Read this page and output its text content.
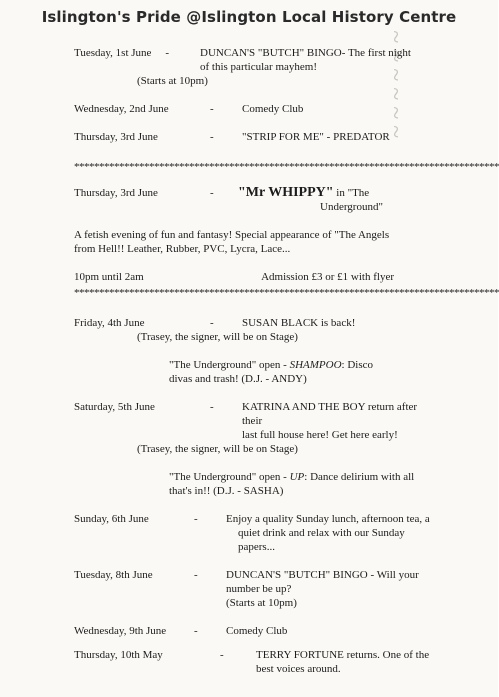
~ ~ ~ ~ ~ ~
Islington's Pride @Islington Local History Centre
Tuesday, 1st June -	DUNCAN'S "BUTCH" BINGO- The first night
of this particular mayhem!
(Starts at 10pm)
Wednesday, 2nd June	-	Comedy Club
Thursday, 3rd June	-	"STRIP FOR ME" - PREDATOR
*************************************************************************************
Thursday, 3rd June	-	"Mr WHIPPY" in "The
Underground"
A fetish evening of fun and fantasy! Special appearance of "The Angels
from Hell!! Leather, Rubber, PVC, Lycra, Lace...
10pm until 2am	Admission £3 or £1 with flyer
*************************************************************************************
Friday, 4th June	-	SUSAN BLACK is back!
(Trasey, the signer, will be on Stage)
"The Underground" open - SHAMPOO: Disco
divas and trash! (D.J. - ANDY)
Saturday, 5th June	-	KATRINA AND THE BOY return after their
last full house here! Get here early!
(Trasey, the signer, will be on Stage)
"The Underground" open - UP: Dance delirium with all
that's in!! (D.J. - SASHA)
Sunday, 6th June	-	Enjoy a quality Sunday lunch, afternoon tea, a
quiet drink and relax with our Sunday papers...
Tuesday, 8th June	-	DUNCAN'S "BUTCH" BINGO - Will your
number be up?
(Starts at 10pm)
Wednesday, 9th June	-	Comedy Club
Thursday, 10th May	-	TERRY FORTUNE returns. One of the
best voices around.
